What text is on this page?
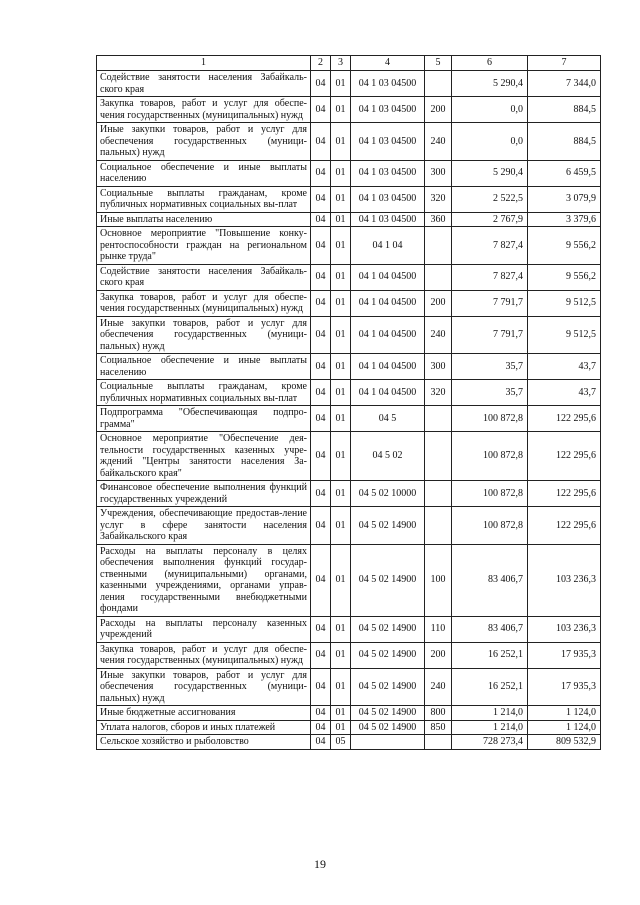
1	2	3	4	5	6	7
Содействие занятости населения Забайкаль-ского края	04	01	04 1 03 04500		5 290,4	7 344,0
Закупка товаров, работ и услуг для обеспе-чения государственных (муниципальных) нужд	04	01	04 1 03 04500	200	0,0	884,5
Иные закупки товаров, работ и услуг для обеспечения государственных (муници-пальных) нужд	04	01	04 1 03 04500	240	0,0	884,5
Социальное обеспечение и иные выплаты населению	04	01	04 1 03 04500	300	5 290,4	6 459,5
Социальные выплаты гражданам, кроме публичных нормативных социальных вы-плат	04	01	04 1 03 04500	320	2 522,5	3 079,9
Иные выплаты населению	04	01	04 1 03 04500	360	2 767,9	3 379,6
Основное мероприятие "Повышение конку-рентоспособности граждан на региональном рынке труда"	04	01	04 1 04		7 827,4	9 556,2
Содействие занятости населения Забайкаль-ского края	04	01	04 1 04 04500		7 827,4	9 556,2
Закупка товаров, работ и услуг для обеспе-чения государственных (муниципальных) нужд	04	01	04 1 04 04500	200	7 791,7	9 512,5
Иные закупки товаров, работ и услуг для обеспечения государственных (муници-пальных) нужд	04	01	04 1 04 04500	240	7 791,7	9 512,5
Социальное обеспечение и иные выплаты населению	04	01	04 1 04 04500	300	35,7	43,7
Социальные выплаты гражданам, кроме публичных нормативных социальных вы-плат	04	01	04 1 04 04500	320	35,7	43,7
Подпрограмма "Обеспечивающая подпро-грамма"	04	01	04 5		100 872,8	122 295,6
Основное мероприятие "Обеспечение дея-тельности государственных казенных учре-ждений "Центры занятости населения За-байкальского края"	04	01	04 5 02		100 872,8	122 295,6
Финансовое обеспечение выполнения функций государственных учреждений	04	01	04 5 02 10000		100 872,8	122 295,6
Учреждения, обеспечивающие предостав-ление услуг в сфере занятости населения Забайкальского края	04	01	04 5 02 14900		100 872,8	122 295,6
Расходы на выплаты персоналу в целях обеспечения выполнения функций государ-ственными (муниципальными) органами, казенными учреждениями, органами управ-ления государственными внебюджетными фондами	04	01	04 5 02 14900	100	83 406,7	103 236,3
Расходы на выплаты персоналу казенных учреждений	04	01	04 5 02 14900	110	83 406,7	103 236,3
Закупка товаров, работ и услуг для обеспе-чения государственных (муниципальных) нужд	04	01	04 5 02 14900	200	16 252,1	17 935,3
Иные закупки товаров, работ и услуг для обеспечения государственных (муници-пальных) нужд	04	01	04 5 02 14900	240	16 252,1	17 935,3
Иные бюджетные ассигнования	04	01	04 5 02 14900	800	1 214,0	1 124,0
Уплата налогов, сборов и иных платежей	04	01	04 5 02 14900	850	1 214,0	1 124,0
Сельское хозяйство и рыболовство	04	05			728 273,4	809 532,9
19
